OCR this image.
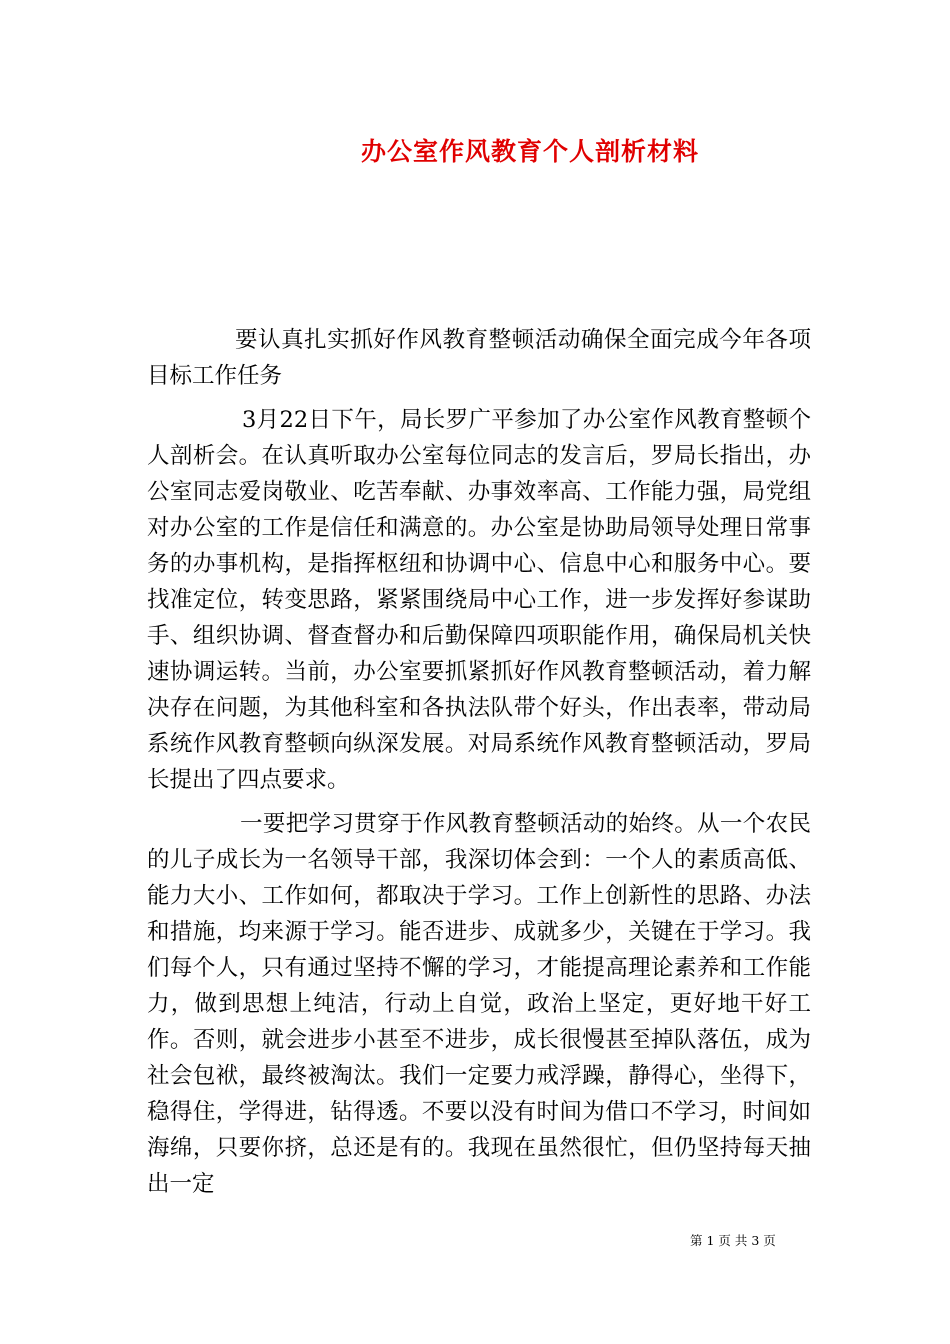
办公室作风教育个人剖析材料

要认真扎实抓好作风教育整顿活动确保全面完成今年各项目标工作任务

3月22日下午，局长罗广平参加了办公室作风教育整顿个人剖析会。在认真听取办公室每位同志的发言后，罗局长指出，办公室同志爱岗敬业、吃苦奉献、办事效率高、工作能力强，局党组对办公室的工作是信任和满意的。办公室是协助局领导处理日常事务的办事机构，是指挥枢纽和协调中心、信息中心和服务中心。要找准定位，转变思路，紧紧围绕局中心工作，进一步发挥好参谋助手、组织协调、督查督办和后勤保障四项职能作用，确保局机关快速协调运转。当前，办公室要抓紧抓好作风教育整顿活动，着力解决存在问题，为其他科室和各执法队带个好头，作出表率，带动局系统作风教育整顿向纵深发展。对局系统作风教育整顿活动，罗局长提出了四点要求。

一要把学习贯穿于作风教育整顿活动的始终。从一个农民的儿子成长为一名领导干部，我深切体会到：一个人的素质高低、能力大小、工作如何，都取决于学习。工作上创新性的思路、办法和措施，均来源于学习。能否进步、成就多少，关键在于学习。我们每个人，只有通过坚持不懈的学习，才能提高理论素养和工作能力，做到思想上纯洁，行动上自觉，政治上坚定，更好地干好工作。否则，就会进步小甚至不进步，成长很慢甚至掉队落伍，成为社会包袱，最终被淘汰。我们一定要力戒浮躁，静得心，坐得下，稳得住，学得进，钻得透。不要以没有时间为借口不学习，时间如海绵，只要你挤，总还是有的。我现在虽然很忙，但仍坚持每天抽出一定

第 1 页 共 3 页
